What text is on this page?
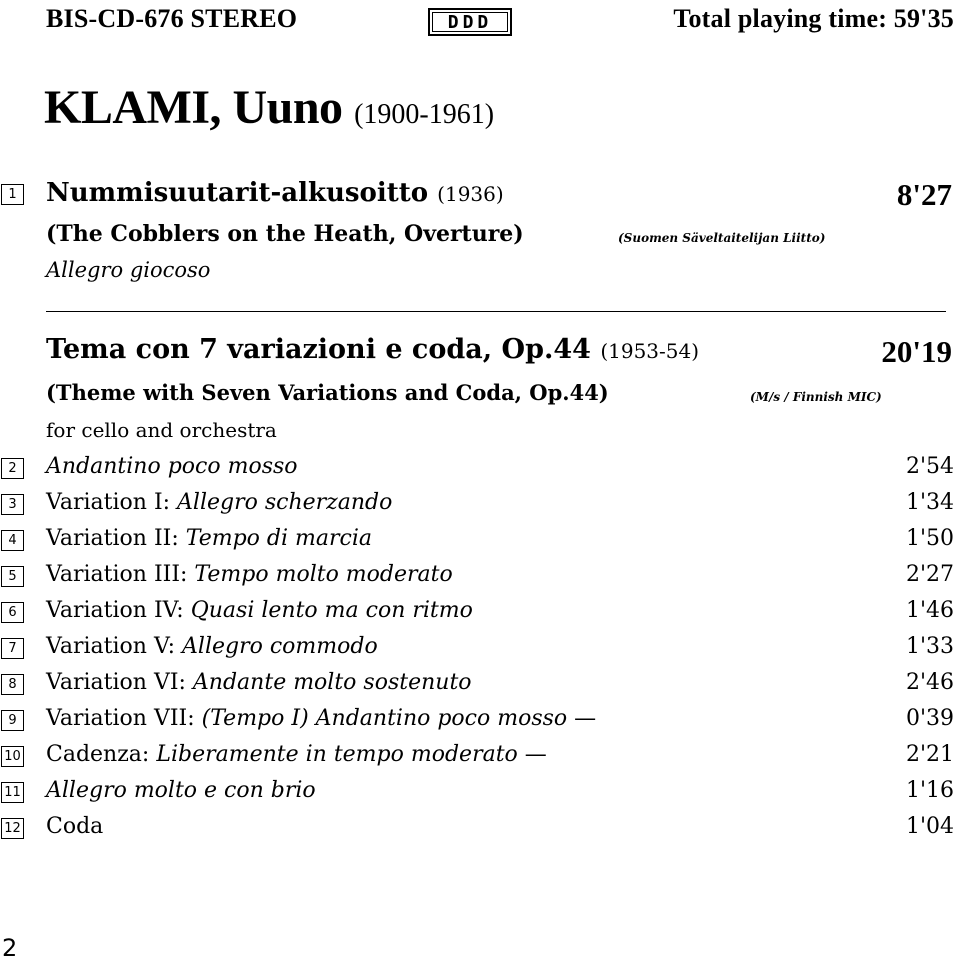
BIS-CD-676 STEREO	DDD	Total playing time: 59'35
KLAMI, Uuno (1900-1961)
1 Nummisuutarit-alkusoitto (1936)	8'27
(The Cobblers on the Heath, Overture)	(Suomen Säveltaitelijan Liitto)
Allegro giocoso
Tema con 7 variazioni e coda, Op.44 (1953-54)	20'19
(Theme with Seven Variations and Coda, Op.44)	(M/s / Finnish MIC)
for cello and orchestra
2	Andantino poco mosso	2'54
3	Variation I: Allegro scherzando	1'34
4	Variation II: Tempo di marcia	1'50
5	Variation III: Tempo molto moderato	2'27
6	Variation IV: Quasi lento ma con ritmo	1'46
7	Variation V: Allegro commodo	1'33
8	Variation VI: Andante molto sostenuto	2'46
9	Variation VII: (Tempo I) Andantino poco mosso —	0'39
10 Cadenza: Liberamente in tempo moderato —	2'21
11 Allegro molto e con brio	1'16
12 Coda	1'04
2
